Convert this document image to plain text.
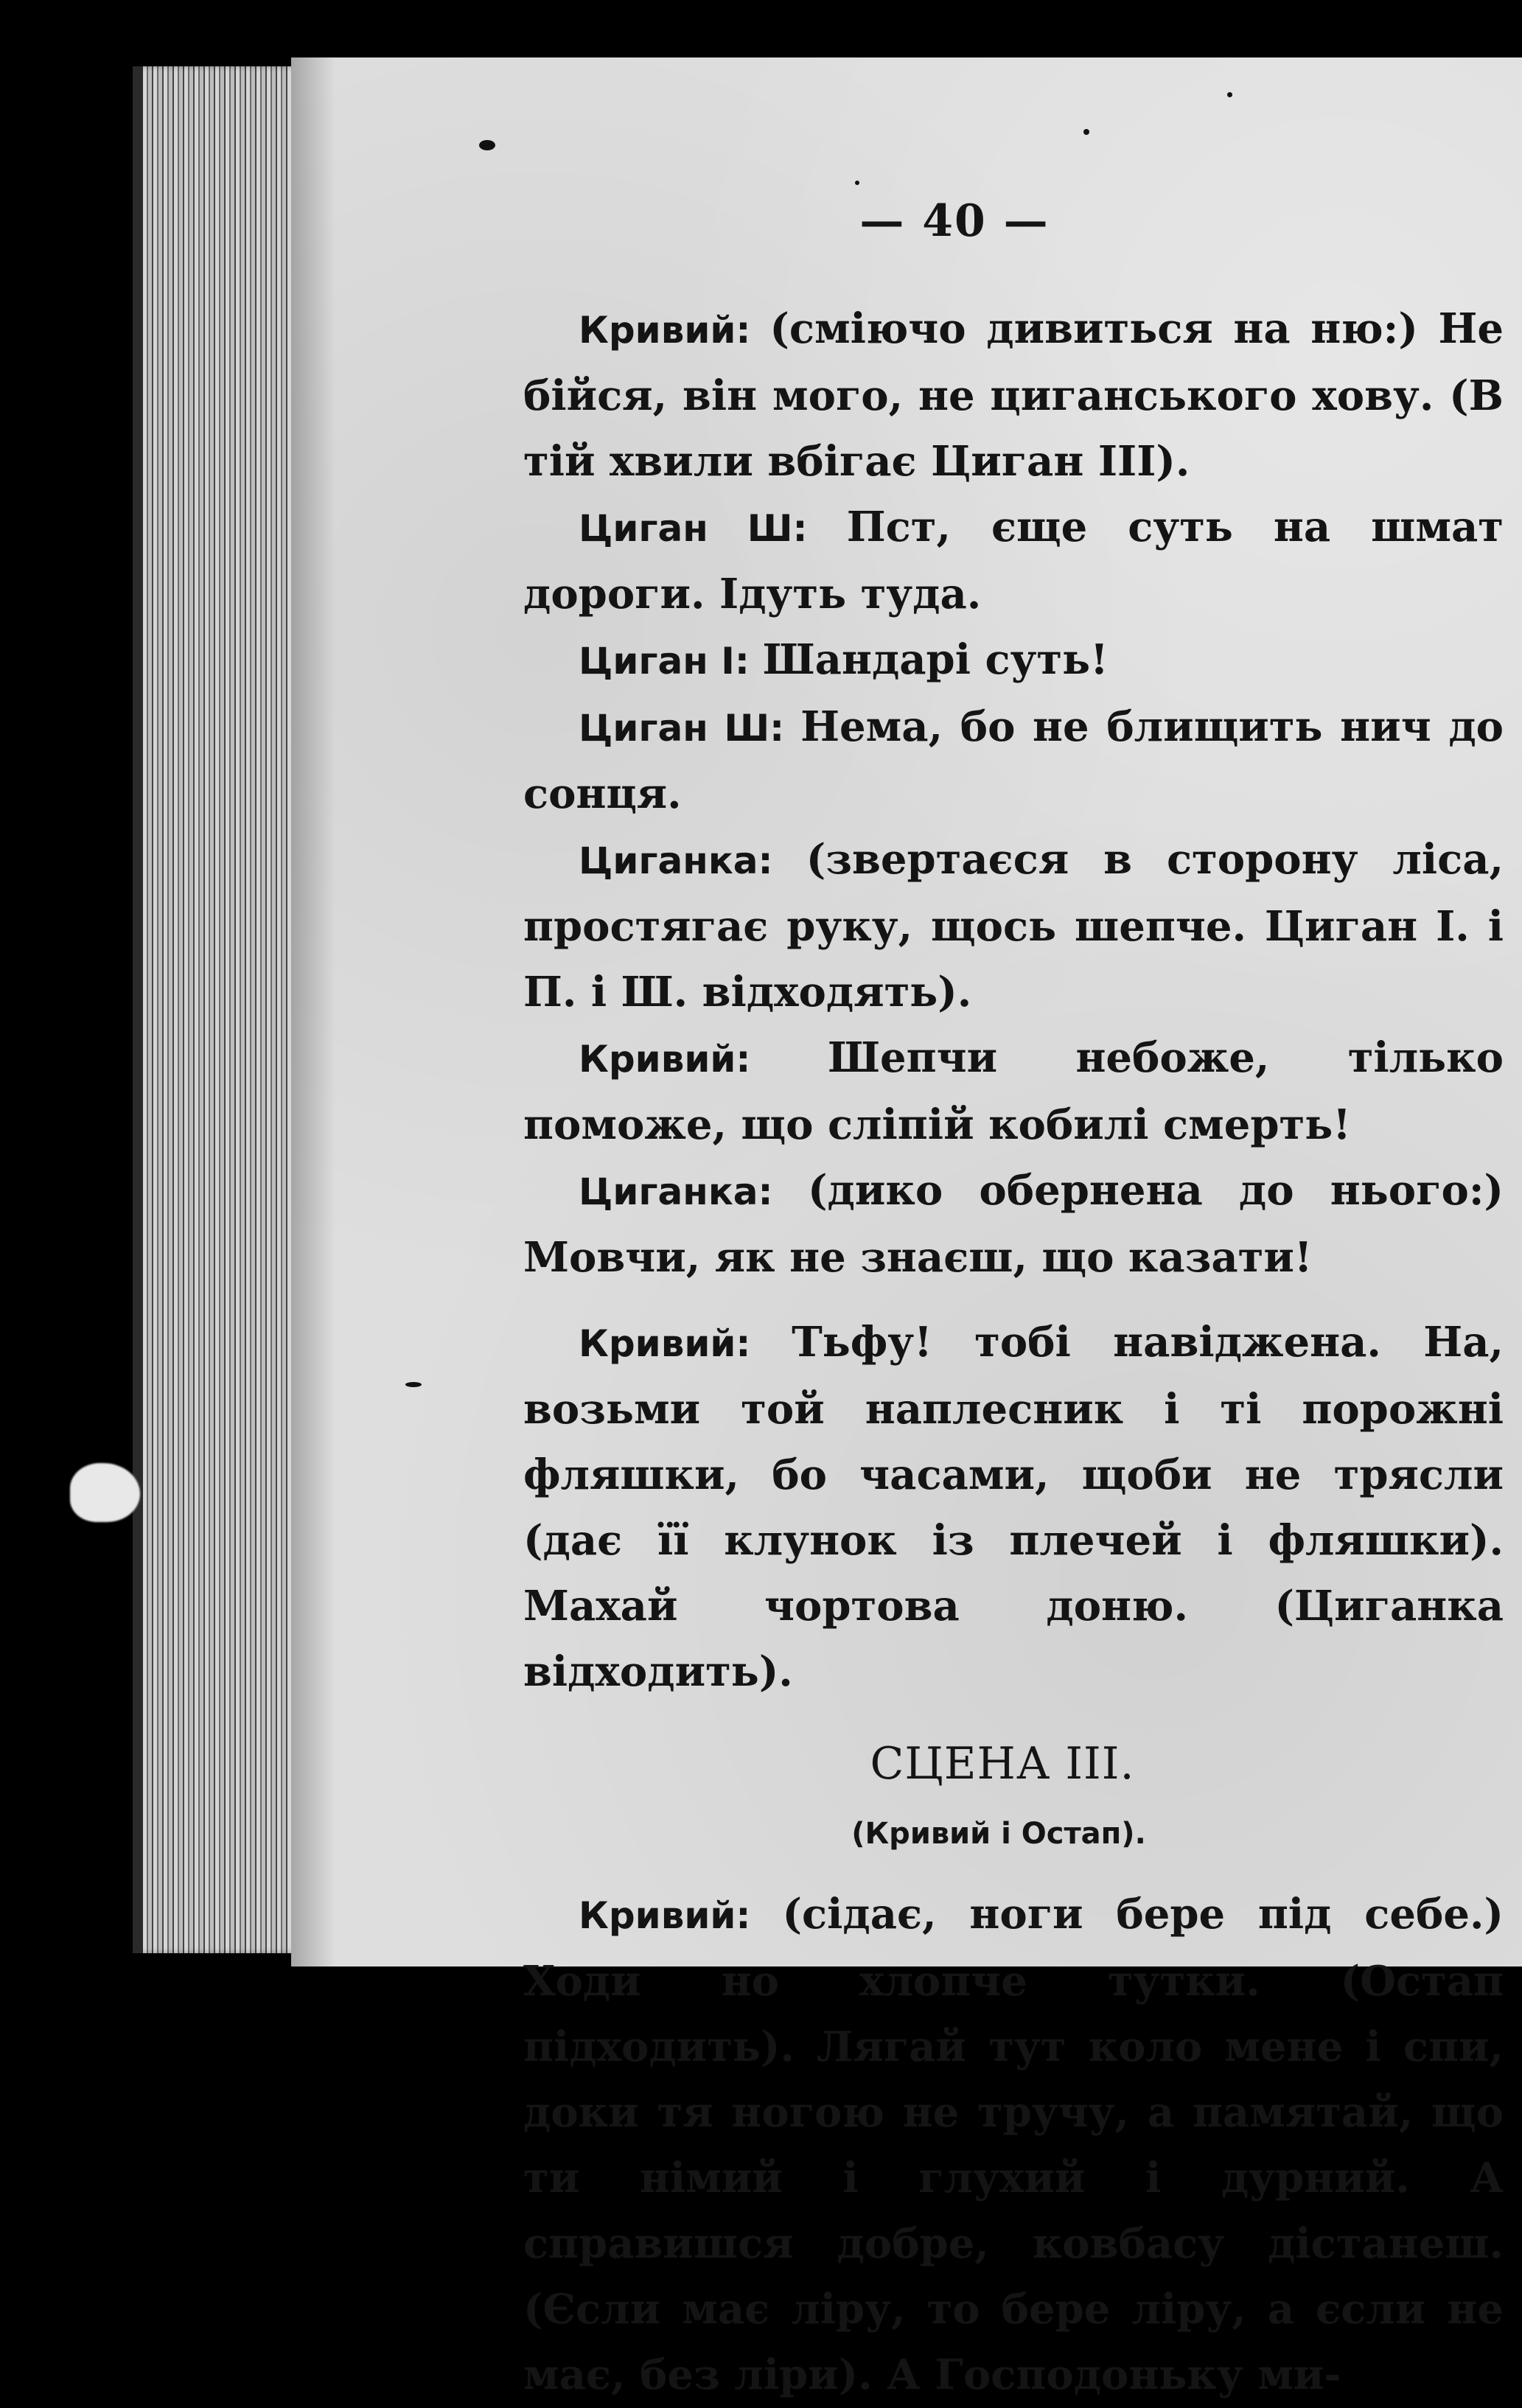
— 40 —

Кривий: (сміючо дивиться на ню:) Не бійся, він мого, не циганського хову. (В тій хвили вбігає Циган III).

Циган Ш: Пст, єще суть на шмат дороги. Ідуть туда.

Циган І: Шандарі суть!

Циган Ш: Нема, бо не блищить нич до сонця.

Циганка: (звертаєся в сторону ліса, простягає руку, щось шепче. Циган І. і П. і Ш. відходять).

Кривий: Шепчи небоже, тілько поможе, що сліпій кобилі смерть!

Циганка: (дико обернена до нього:) Мовчи, як не знаєш, що казати!

Кривий: Тьфу! тобі навіджена. На, возьми той наплесник і ті порожні фляшки, бо часами, щоби не трясли (дає її клунок із плечей і фляшки). Махай чортова доню. (Циганка відходить).

СЦЕНА III.
(Кривий і Остап).

Кривий: (сідає, ноги бере під себе.) Ходи но хлопче тутки. (Остап підходить). Лягай тут коло мене і спи, доки тя ногою не тручу, а памятай, що ти німий і глухий і дурний. А справишся добре, ковбасу дістанеш. (Єсли має ліру, то бере ліру, а єсли не має, без ліри). А Господоньку ми-
